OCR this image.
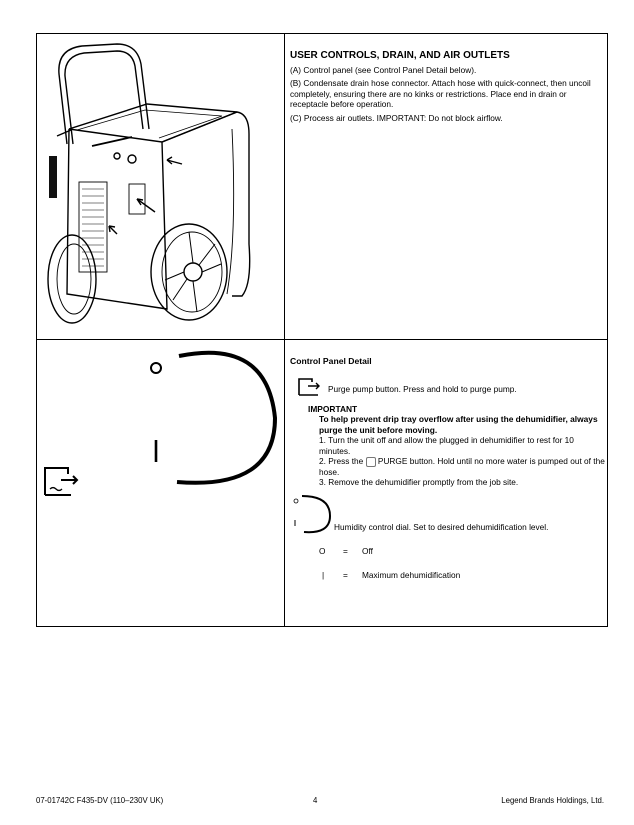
USER CONTROLS, DRAIN, AND AIR OUTLETS
(A) Control panel (see Control Panel Detail below).
(B) Condensate drain hose connector. Attach hose with quick-connect, then uncoil completely, ensuring there are no kinks or restrictions. Place end in drain or receptacle before operation.
(C) Process air outlets. IMPORTANT: Do not block airflow.
Control Panel Detail
Purge pump button. Press and hold to purge pump.
IMPORTANT
To help prevent drip tray overflow after using the dehumidifier, always purge the unit before moving.
1. Turn the unit off and allow the plugged in dehumidifier to rest for 10 minutes.
2. Press the PURGE button. Hold until no more water is pumped out of the hose.
3. Remove the dehumidifier promptly from the job site.
Humidity control dial. Set to desired dehumidification level.
O = Off
| = Maximum dehumidification
07-01742C F435-DV (110–230V UK)	4	Legend Brands Holdings, Ltd.
